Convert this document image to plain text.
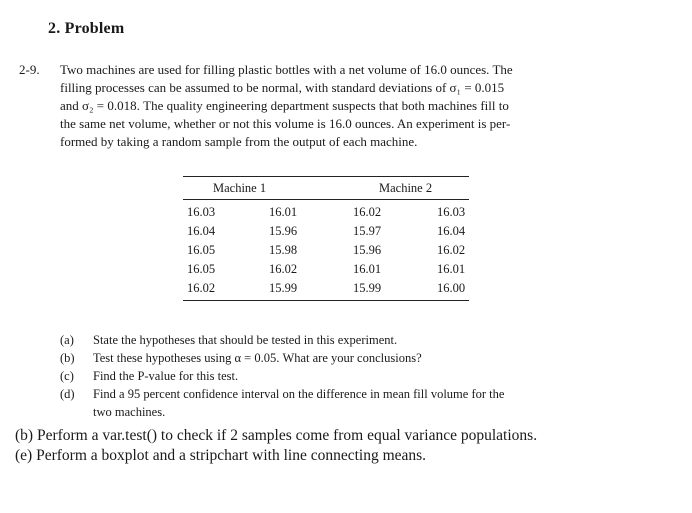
2. Problem
2-9. Two machines are used for filling plastic bottles with a net volume of 16.0 ounces. The
filling processes can be assumed to be normal, with standard deviations of σ₁ = 0.015
and σ₂ = 0.018. The quality engineering department suspects that both machines fill to
the same net volume, whether or not this volume is 16.0 ounces. An experiment is per-
formed by taking a random sample from the output of each machine.
Machine 1	Machine 2
16.03	16.01	16.02	16.03
16.04	15.96	15.97	16.04
16.05	15.98	15.96	16.02
16.05	16.02	16.01	16.01
16.02	15.99	15.99	16.00
(a) State the hypotheses that should be tested in this experiment.
(b) Test these hypotheses using α = 0.05. What are your conclusions?
(c) Find the P-value for this test.
(d) Find a 95 percent confidence interval on the difference in mean fill volume for the
two machines.
(b) Perform a var.test() to check if 2 samples come from equal variance populations.
(e) Perform a boxplot and a stripchart with line connecting means.
